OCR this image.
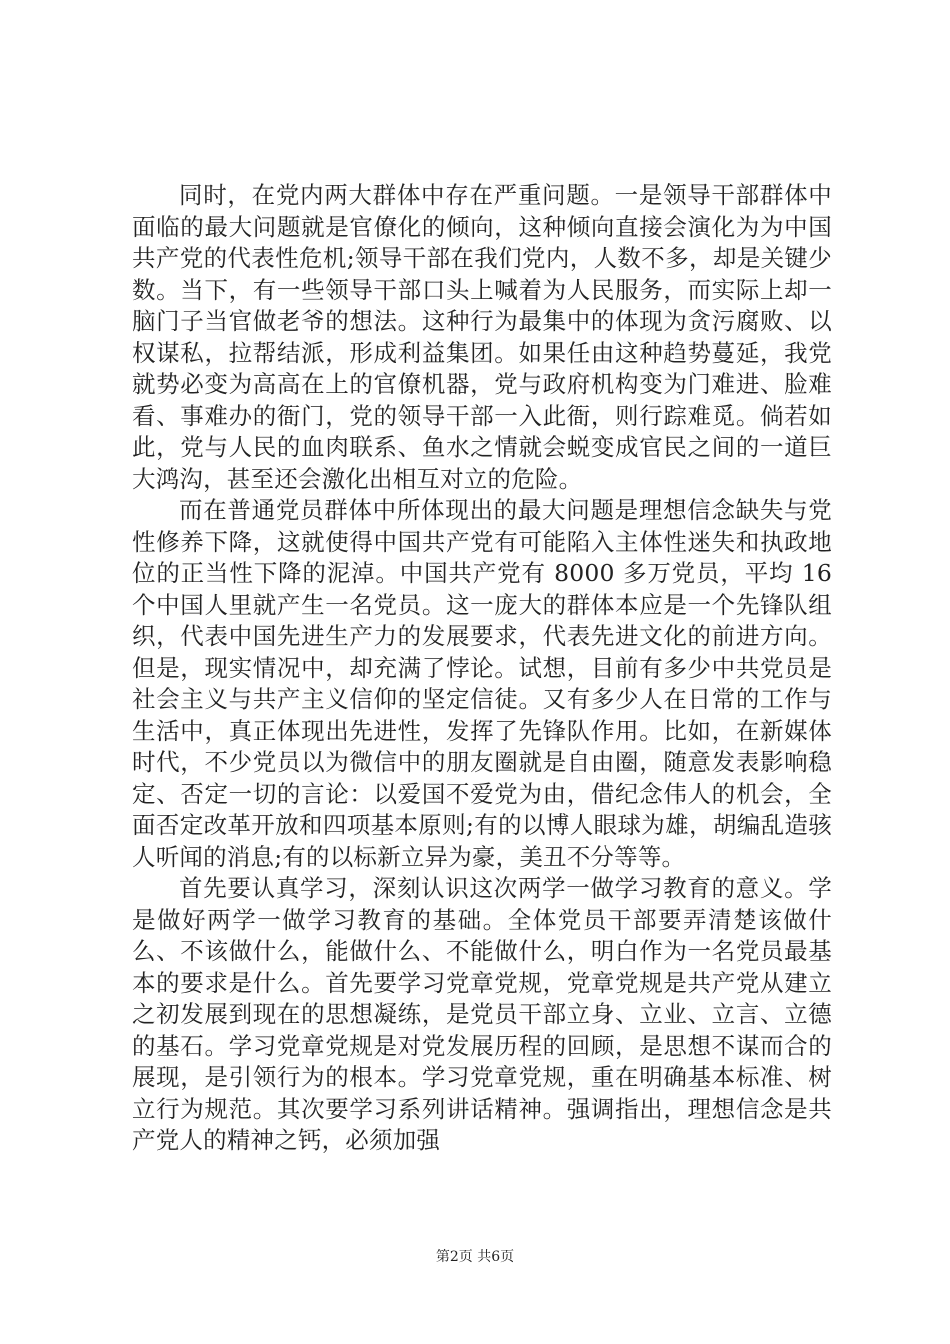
同时，在党内两大群体中存在严重问题。一是领导干部群体中面临的最大问题就是官僚化的倾向，这种倾向直接会演化为为中国共产党的代表性危机;领导干部在我们党内，人数不多，却是关键少数。当下，有一些领导干部口头上喊着为人民服务，而实际上却一脑门子当官做老爷的想法。这种行为最集中的体现为贪污腐败、以权谋私，拉帮结派，形成利益集团。如果任由这种趋势蔓延，我党就势必变为高高在上的官僚机器，党与政府机构变为门难进、脸难看、事难办的衙门，党的领导干部一入此衙，则行踪难觅。倘若如此，党与人民的血肉联系、鱼水之情就会蜕变成官民之间的一道巨大鸿沟，甚至还会激化出相互对立的危险。

而在普通党员群体中所体现出的最大问题是理想信念缺失与党性修养下降，这就使得中国共产党有可能陷入主体性迷失和执政地位的正当性下降的泥淖。中国共产党有 8000 多万党员，平均 16 个中国人里就产生一名党员。这一庞大的群体本应是一个先锋队组织，代表中国先进生产力的发展要求，代表先进文化的前进方向。但是，现实情况中，却充满了悖论。试想，目前有多少中共党员是社会主义与共产主义信仰的坚定信徒。又有多少人在日常的工作与生活中，真正体现出先进性，发挥了先锋队作用。比如，在新媒体时代，不少党员以为微信中的朋友圈就是自由圈，随意发表影响稳定、否定一切的言论：以爱国不爱党为由，借纪念伟人的机会，全面否定改革开放和四项基本原则;有的以博人眼球为雄，胡编乱造骇人听闻的消息;有的以标新立异为豪，美丑不分等等。

首先要认真学习，深刻认识这次两学一做学习教育的意义。学是做好两学一做学习教育的基础。全体党员干部要弄清楚该做什么、不该做什么，能做什么、不能做什么，明白作为一名党员最基本的要求是什么。首先要学习党章党规，党章党规是共产党从建立之初发展到现在的思想凝练，是党员干部立身、立业、立言、立德的基石。学习党章党规是对党发展历程的回顾，是思想不谋而合的展现，是引领行为的根本。学习党章党规，重在明确基本标准、树立行为规范。其次要学习系列讲话精神。强调指出，理想信念是共产党人的精神之钙，必须加强

第2页 共6页
